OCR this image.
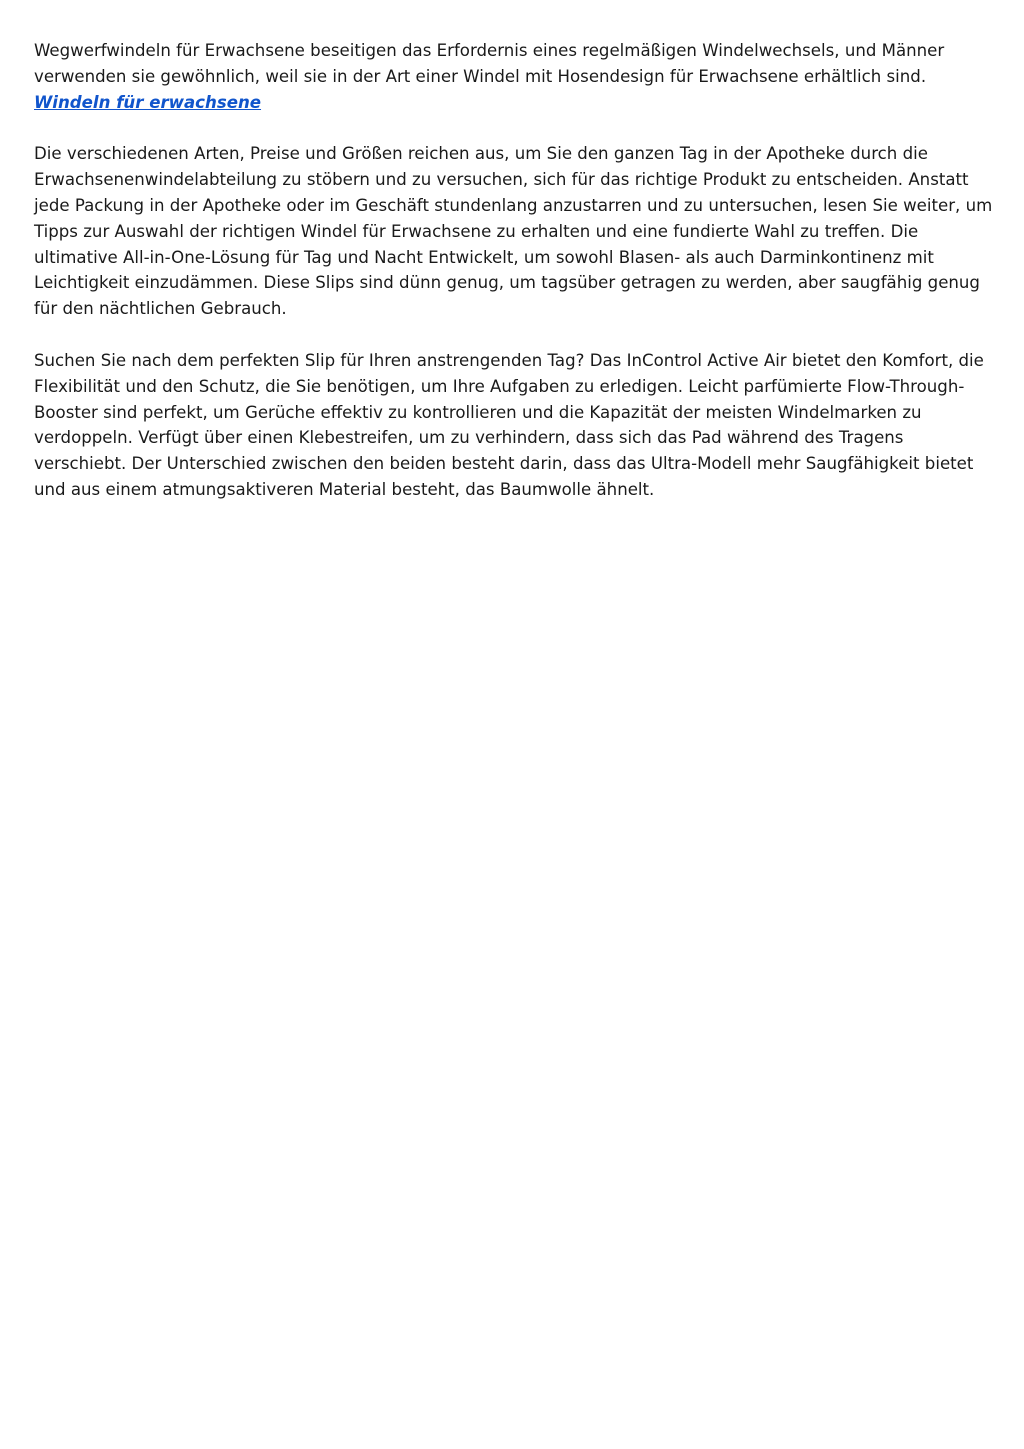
Wegwerfwindeln für Erwachsene beseitigen das Erfordernis eines regelmäßigen Windelwechsels, und Männer verwenden sie gewöhnlich, weil sie in der Art einer Windel mit Hosendesign für Erwachsene erhältlich sind.
Windeln für erwachsene
Die verschiedenen Arten, Preise und Größen reichen aus, um Sie den ganzen Tag in der Apotheke durch die Erwachsenenwindelabteilung zu stöbern und zu versuchen, sich für das richtige Produkt zu entscheiden. Anstatt jede Packung in der Apotheke oder im Geschäft stundenlang anzustarren und zu untersuchen, lesen Sie weiter, um Tipps zur Auswahl der richtigen Windel für Erwachsene zu erhalten und eine fundierte Wahl zu treffen. Die ultimative All-in-One-Lösung für Tag und Nacht Entwickelt, um sowohl Blasen- als auch Darminkontinenz mit Leichtigkeit einzudämmen. Diese Slips sind dünn genug, um tagsüber getragen zu werden, aber saugfähig genug für den nächtlichen Gebrauch.
Suchen Sie nach dem perfekten Slip für Ihren anstrengenden Tag? Das InControl Active Air bietet den Komfort, die Flexibilität und den Schutz, die Sie benötigen, um Ihre Aufgaben zu erledigen. Leicht parfümierte Flow-Through-Booster sind perfekt, um Gerüche effektiv zu kontrollieren und die Kapazität der meisten Windelmarken zu verdoppeln. Verfügt über einen Klebestreifen, um zu verhindern, dass sich das Pad während des Tragens verschiebt. Der Unterschied zwischen den beiden besteht darin, dass das Ultra-Modell mehr Saugfähigkeit bietet und aus einem atmungsaktiveren Material besteht, das Baumwolle ähnelt.
